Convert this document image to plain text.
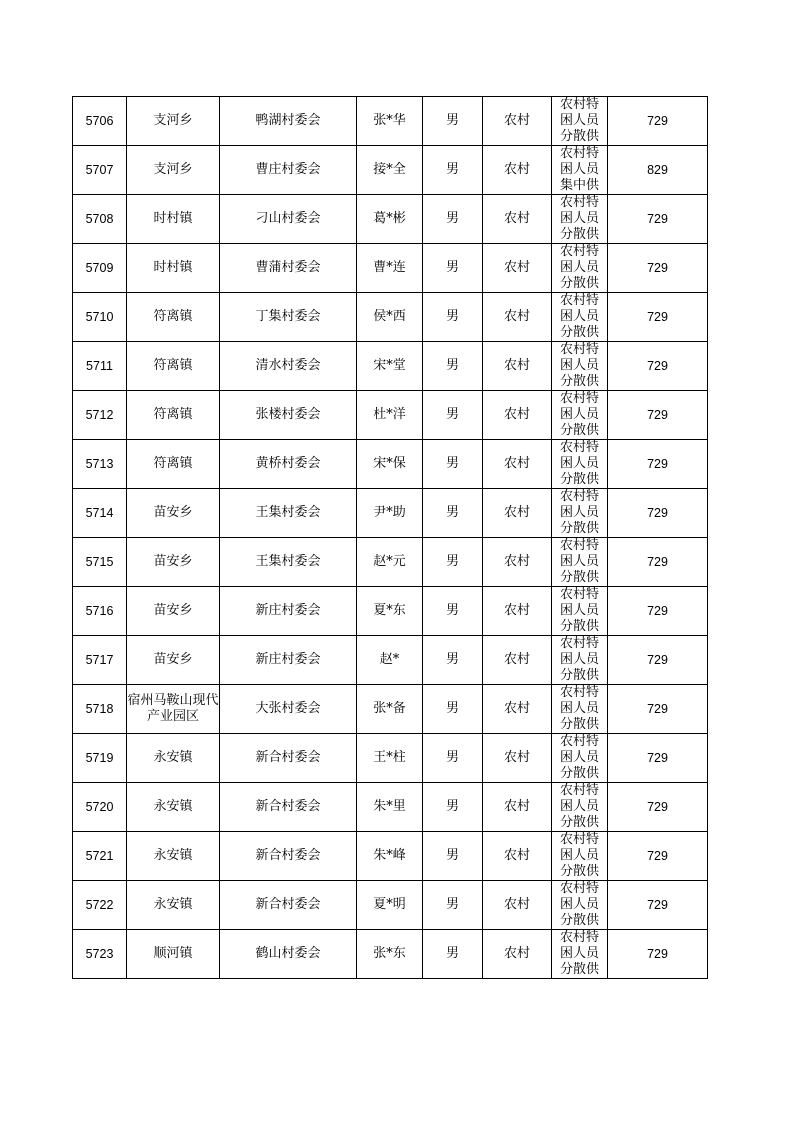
5706	支河乡	鸭湖村委会	张*华	男	农村	农村特困人员分散供	729
5707	支河乡	曹庄村委会	接*全	男	农村	农村特困人员集中供	829
5708	时村镇	刁山村委会	葛*彬	男	农村	农村特困人员分散供	729
5709	时村镇	曹蒲村委会	曹*连	男	农村	农村特困人员分散供	729
5710	符离镇	丁集村委会	侯*西	男	农村	农村特困人员分散供	729
5711	符离镇	清水村委会	宋*堂	男	农村	农村特困人员分散供	729
5712	符离镇	张楼村委会	杜*洋	男	农村	农村特困人员分散供	729
5713	符离镇	黄桥村委会	宋*保	男	农村	农村特困人员分散供	729
5714	苗安乡	王集村委会	尹*助	男	农村	农村特困人员分散供	729
5715	苗安乡	王集村委会	赵*元	男	农村	农村特困人员分散供	729
5716	苗安乡	新庄村委会	夏*东	男	农村	农村特困人员分散供	729
5717	苗安乡	新庄村委会	赵*	男	农村	农村特困人员分散供	729
5718	宿州马鞍山现代产业园区	大张村委会	张*备	男	农村	农村特困人员分散供	729
5719	永安镇	新合村委会	王*柱	男	农村	农村特困人员分散供	729
5720	永安镇	新合村委会	朱*里	男	农村	农村特困人员分散供	729
5721	永安镇	新合村委会	朱*峰	男	农村	农村特困人员分散供	729
5722	永安镇	新合村委会	夏*明	男	农村	农村特困人员分散供	729
5723	顺河镇	鹤山村委会	张*东	男	农村	农村特困人员分散供	729
